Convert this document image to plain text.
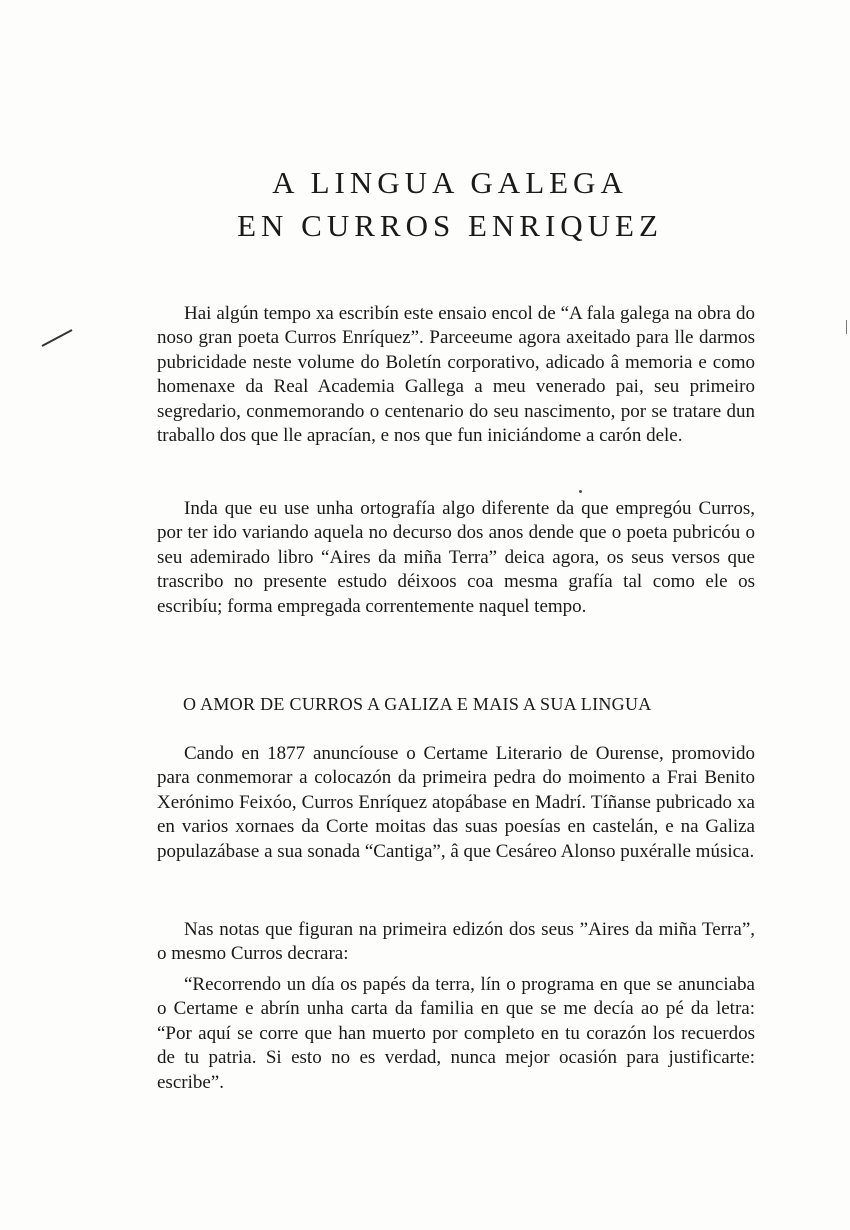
A LINGUA GALEGA
EN CURROS ENRIQUEZ

Hai algún tempo xa escribín este ensaio encol de “A fala galega na obra do noso gran poeta Curros Enríquez”. Parceeume agora axeitado para lle darmos pubricidade neste volume do Boletín corporativo, adicado â memoria e como homenaxe da Real Academia Gallega a meu venerado pai, seu primeiro segredario, conmemorando o centenario do seu nascimento, por se tratare dun traballo dos que lle apracían, e nos que fun iniciándome a carón dele.

Inda que eu use unha ortografía algo diferente da que empregóu Curros, por ter ido variando aquela no decurso dos anos dende que o poeta pubricóu o seu ademirado libro “Aires da miña Terra” deica agora, os seus versos que trascribo no presente estudo déixoos coa mesma grafía tal como ele os escribíu; forma empregada correntemente naquel tempo.

O AMOR DE CURROS A GALIZA E MAIS A SUA LINGUA

Cando en 1877 anuncíouse o Certame Literario de Ourense, promovido para conmemorar a colocazón da primeira pedra do moimento a Frai Benito Xerónimo Feixóo, Curros Enríquez atopábase en Madrí. Tíñanse pubricado xa en varios xornaes da Corte moitas das suas poesías en castelán, e na Galiza populazábase a sua sonada “Cantiga”, â que Cesáreo Alonso puxéralle música.

Nas notas que figuran na primeira edizón dos seus ”Aires da miña Terra”, o mesmo Curros decrara:

“Recorrendo un día os papés da terra, lín o programa en que se anunciaba o Certame e abrín unha carta da familia en que se me decía ao pé da letra: “Por aquí se corre que han muerto por completo en tu corazón los recuerdos de tu patria. Si esto no es verdad, nunca mejor ocasión para justificarte: escribe”.
